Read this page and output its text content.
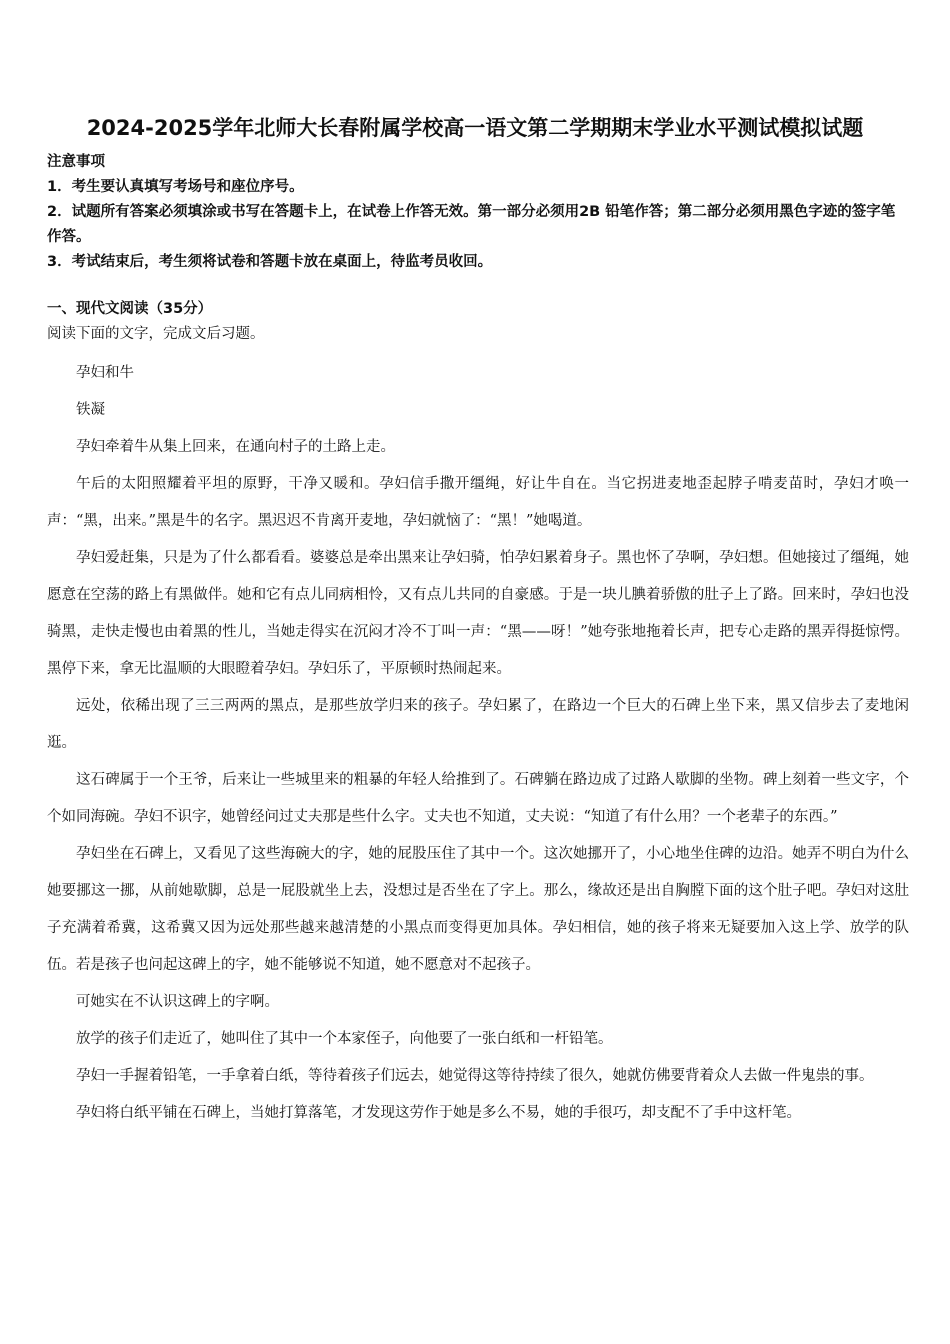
2024-2025学年北师大长春附属学校高一语文第二学期期末学业水平测试模拟试题

注意事项

1．考生要认真填写考场号和座位序号。

2．试题所有答案必须填涂或书写在答题卡上，在试卷上作答无效。第一部分必须用2B 铅笔作答；第二部分必须用黑色字迹的签字笔作答。

3．考试结束后，考生须将试卷和答题卡放在桌面上，待监考员收回。

一、现代文阅读（35分）
阅读下面的文字，完成文后习题。

孕妇和牛

铁凝

孕妇牵着牛从集上回来，在通向村子的土路上走。

午后的太阳照耀着平坦的原野，干净又暖和。孕妇信手撒开缰绳，好让牛自在。当它拐进麦地歪起脖子啃麦苗时，孕妇才唤一声：“黑，出来。”黑是牛的名字。黑迟迟不肯离开麦地，孕妇就恼了：“黑！”她喝道。

孕妇爱赶集，只是为了什么都看看。婆婆总是牵出黑来让孕妇骑，怕孕妇累着身子。黑也怀了孕啊，孕妇想。但她接过了缰绳，她愿意在空荡的路上有黑做伴。她和它有点儿同病相怜，又有点儿共同的自豪感。于是一块儿腆着骄傲的肚子上了路。回来时，孕妇也没骑黑，走快走慢也由着黑的性儿，当她走得实在沉闷才冷不丁叫一声：“黑——呀！”她夸张地拖着长声，把专心走路的黑弄得挺惊愕。黑停下来，拿无比温顺的大眼瞪着孕妇。孕妇乐了，平原顿时热闹起来。

远处，依稀出现了三三两两的黑点，是那些放学归来的孩子。孕妇累了，在路边一个巨大的石碑上坐下来，黑又信步去了麦地闲逛。

这石碑属于一个王爷，后来让一些城里来的粗暴的年轻人给推到了。石碑躺在路边成了过路人歇脚的坐物。碑上刻着一些文字，个个如同海碗。孕妇不识字，她曾经问过丈夫那是些什么字。丈夫也不知道，丈夫说：“知道了有什么用？一个老辈子的东西。”

孕妇坐在石碑上，又看见了这些海碗大的字，她的屁股压住了其中一个。这次她挪开了，小心地坐住碑的边沿。她弄不明白为什么她要挪这一挪，从前她歇脚，总是一屁股就坐上去，没想过是否坐在了字上。那么，缘故还是出自胸膛下面的这个肚子吧。孕妇对这肚子充满着希冀，这希冀又因为远处那些越来越清楚的小黑点而变得更加具体。孕妇相信，她的孩子将来无疑要加入这上学、放学的队伍。若是孩子也问起这碑上的字，她不能够说不知道，她不愿意对不起孩子。

可她实在不认识这碑上的字啊。

放学的孩子们走近了，她叫住了其中一个本家侄子，向他要了一张白纸和一杆铅笔。

孕妇一手握着铅笔，一手拿着白纸，等待着孩子们远去，她觉得这等待持续了很久，她就仿佛要背着众人去做一件鬼祟的事。

孕妇将白纸平铺在石碑上，当她打算落笔，才发现这劳作于她是多么不易，她的手很巧，却支配不了手中这杆笔。
